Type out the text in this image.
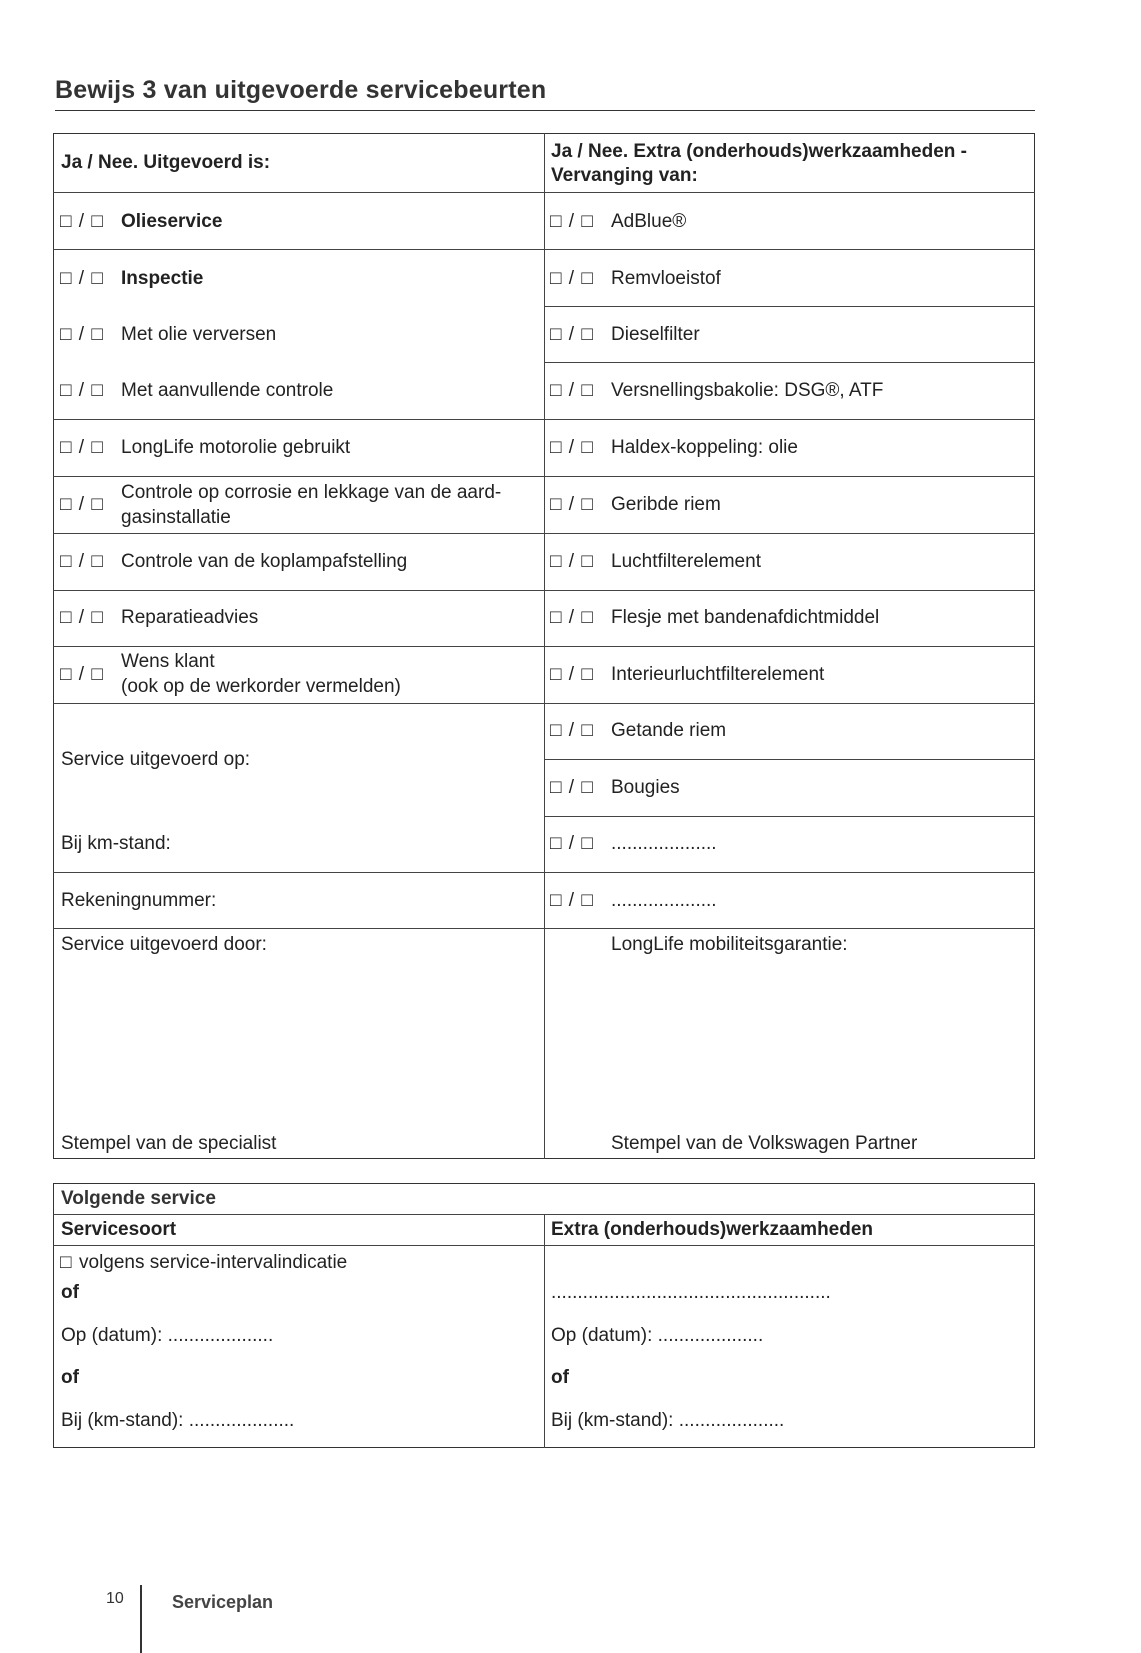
Bewijs 3 van uitgevoerde servicebeurten
Ja / Nee. Uitgevoerd is:
Ja / Nee. Extra (onderhouds)werkzaamheden -
Vervanging van:
□ / □ Olieservice
□ / □ Inspectie
□ / □ Met olie verversen
□ / □ Met aanvullende controle
□ / □ LongLife motorolie gebruikt
□ / □
Controle op corrosie en lekkage van de aard-
gasinstallatie
□ / □ Controle van de koplampafstelling
□ / □ Reparatieadvies
□ / □
Wens klant
(ook op de werkorder vermelden)
Service uitgevoerd op:
Bij km-stand:
Rekeningnummer:
Service uitgevoerd door:
Stempel van de specialist
□ / □ AdBlue®
□ / □ Remvloeistof
□ / □ Dieselfilter
□ / □ Versnellingsbakolie: DSG®, ATF
□ / □ Haldex-koppeling: olie
□ / □ Geribde riem
□ / □ Luchtfilterelement
□ / □ Flesje met bandenafdichtmiddel
□ / □ Interieurluchtfilterelement
□ / □ Getande riem
□ / □ Bougies
□ / □ ....................
□ / □ ....................
LongLife mobiliteitsgarantie:
Stempel van de Volkswagen Partner
Volgende service
Servicesoort	Extra (onderhouds)werkzaamheden
□ volgens service-intervalindicatie
of
Op (datum): ....................
of
Bij (km-stand): ....................
.....................................................
Op (datum): ....................
of
Bij (km-stand): ....................
10	Serviceplan
